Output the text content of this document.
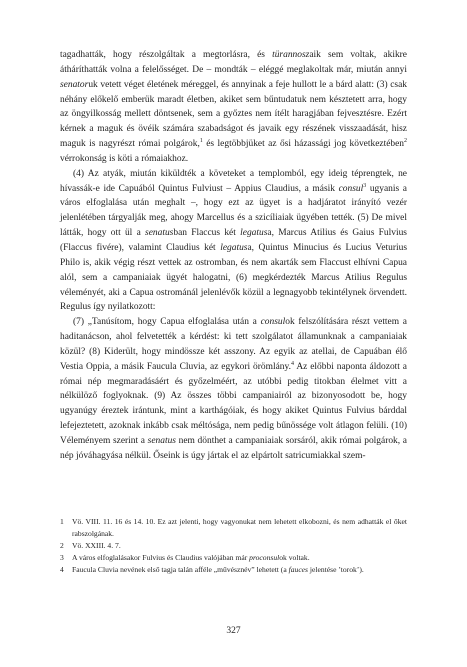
tagadhatták, hogy részolgáltak a megtorlásra, és türannoszaik sem voltak, akikre átháríthatták volna a felelősséget. De – mondták – eléggé meglakoltak már, miután annyi senatoruk vetett véget életének méreggel, és annyinak a feje hullott le a bárd alatt: (3) csak néhány előkelő emberük maradt életben, akiket sem bűntudatuk nem késztetett arra, hogy az öngyilkosság mellett döntsenek, sem a győztes nem ítélt haragjában fejvesztésre. Ezért kérnek a maguk és övéik számára szabadságot és javaik egy részének visszaadását, hisz maguk is nagyrészt római polgárok,$^1$ és legtöbbjüket az ősi házassági jog következtében$^2$ vérrokonság is köti a rómaiakhoz.

(4) Az atyák, miután kiküldték a követeket a templomból, egy ideig téprengtek, ne hívassák-e ide Capuából Quintus Fulviust – Appius Claudius, a másik consul$^3$ ugyanis a város elfoglalása után meghalt –, hogy ezt az ügyet is a hadjáratot irányító vezér jelenlétében tárgyalják meg, ahogy Marcellus és a szicíliaiak ügyében tették. (5) De mivel látták, hogy ott ül a senatusban Flaccus két legatusa, Marcus Atilius és Gaius Fulvius (Flaccus fivére), valamint Claudius két legatusa, Quintus Minucius és Lucius Veturius Philo is, akik végig részt vettek az ostromban, és nem akarták sem Flaccust elhívni Capua alól, sem a campaniaiak ügyét halogatni, (6) megkérdezték Marcus Atilius Regulus véleményét, aki a Capua ostrománál jelenlévők közül a legnagyobb tekintélynek örvendett. Regulus így nyilatkozott:

(7) „Tanúsítom, hogy Capua elfoglalása után a consulok felszólítására részt vettem a haditanácson, ahol felvetették a kérdést: ki tett szolgálatot államunknak a campaniaiak közül? (8) Kiderült, hogy mindössze két asszony. Az egyik az atellai, de Capuában élő Vestia Oppia, a másik Faucula Cluvia, az egykori örömlány.$^4$ Az előbbi naponta áldozott a római nép megmaradásáért és győzelméért, az utóbbi pedig titokban élelmet vitt a nélkülöző foglyoknak. (9) Az összes többi campaniairól az bizonyosodott be, hogy ugyanúgy éreztek irántunk, mint a karthágóiak, és hogy akiket Quintus Fulvius bárddal lefejeztetett, azoknak inkább csak méltósága, nem pedig bűnössége volt átlagon felüli. (10) Véleményem szerint a senatus nem dönthet a campaniaiak sorsáról, akik római polgárok, a nép jóváhagyása nélkül. Őseink is úgy jártak el az elpártolt satricumiakkal szem-

1	Vö. VIII. 11. 16 és 14. 10. Ez azt jelenti, hogy vagyonukat nem lehetett elkobozni, és nem adhatták el őket rabszolgának.
2	Vö. XXIII. 4. 7.
3	A város elfoglalásakor Fulvius és Claudius valójában már proconsulok voltak.
4	Faucula Cluvia nevének első tagja talán afféle „művésznév” lehetett (a fauces jelentése ’torok’).
327
